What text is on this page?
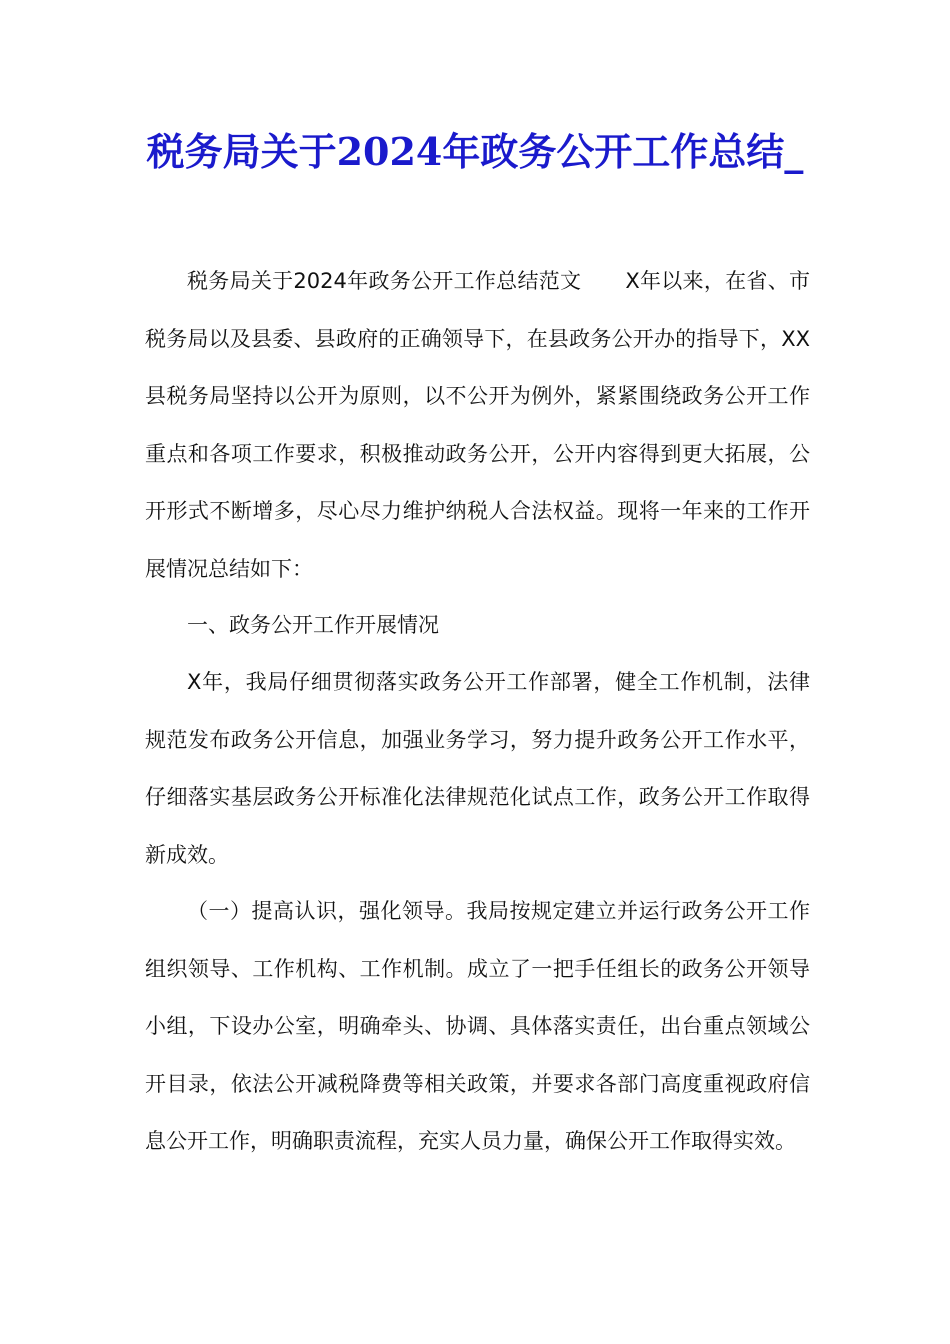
税务局关于2024年政务公开工作总结_

税务局关于2024年政务公开工作总结范文 X年以来，在省、市税务局以及县委、县政府的正确领导下，在县政务公开办的指导下，XX县税务局坚持以公开为原则，以不公开为例外，紧紧围绕政务公开工作重点和各项工作要求，积极推动政务公开，公开内容得到更大拓展，公开形式不断增多，尽心尽力维护纳税人合法权益。现将一年来的工作开展情况总结如下：

一、政务公开工作开展情况

X年，我局仔细贯彻落实政务公开工作部署，健全工作机制，法律规范发布政务公开信息，加强业务学习，努力提升政务公开工作水平，仔细落实基层政务公开标准化法律规范化试点工作，政务公开工作取得新成效。

（一）提高认识，强化领导。我局按规定建立并运行政务公开工作组织领导、工作机构、工作机制。成立了一把手任组长的政务公开领导小组，下设办公室，明确牵头、协调、具体落实责任，出台重点领域公开目录，依法公开减税降费等相关政策，并要求各部门高度重视政府信息公开工作，明确职责流程，充实人员力量，确保公开工作取得实效。
